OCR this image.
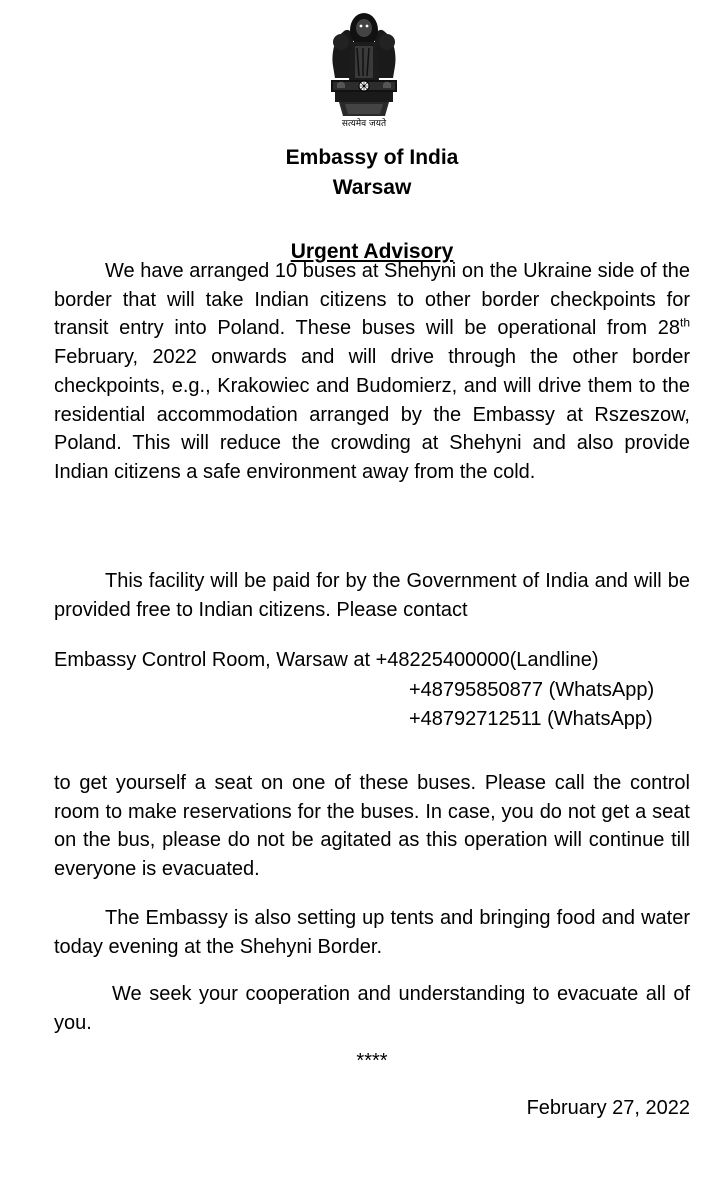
सत्यमेव जयते
Embassy of India
Warsaw
Urgent Advisory
We have arranged 10 buses at Shehyni on the Ukraine side of the border that will take Indian citizens to other border checkpoints for transit entry into Poland. These buses will be operational from 28th February, 2022 onwards and will drive through the other border checkpoints, e.g., Krakowiec and Budomierz, and will drive them to the residential accommodation arranged by the Embassy at Rszeszow, Poland. This will reduce the crowding at Shehyni and also provide Indian citizens a safe environment away from the cold.
This facility will be paid for by the Government of India and will be provided free to Indian citizens. Please contact
Embassy Control Room, Warsaw at +48225400000(Landline)
+48795850877 (WhatsApp)
+48792712511 (WhatsApp)
to get yourself a seat on one of these buses. Please call the control room to make reservations for the buses. In case, you do not get a seat on the bus, please do not be agitated as this operation will continue till everyone is evacuated.
The Embassy is also setting up tents and bringing food and water today evening at the Shehyni Border.
We seek your cooperation and understanding to evacuate all of you.
****
February 27, 2022
